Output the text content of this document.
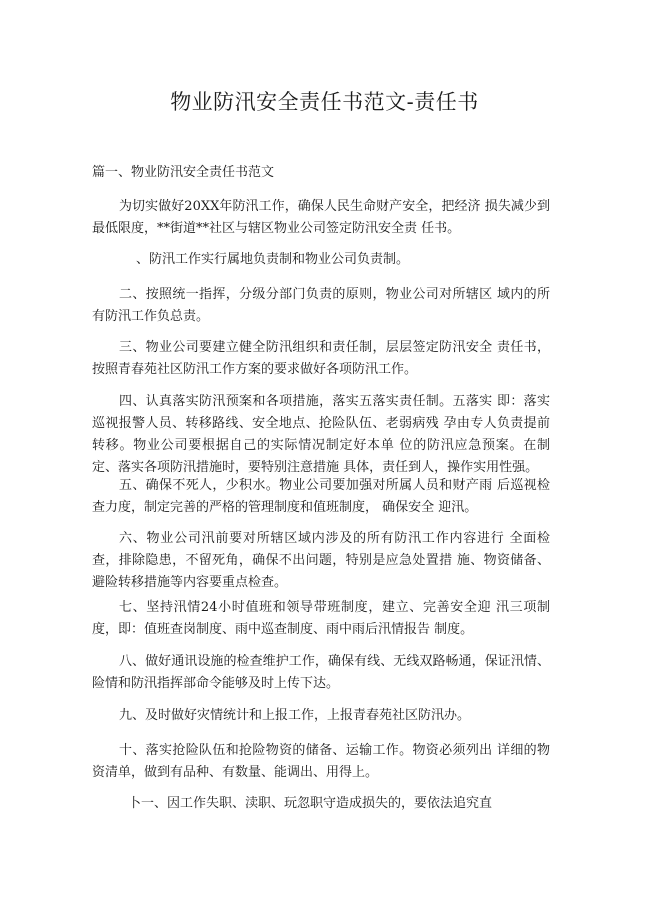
物业防汛安全责任书范文-责任书
篇一、物业防汛安全责任书范文

为切实做好20XX年防汛工作，确保人民生命财产安全，把经济 损失减少到最低限度，**街道**社区与辖区物业公司签定防汛安全责 任书。

、防汛工作实行属地负责制和物业公司负责制。

二、按照统一指挥，分级分部门负责的原则，物业公司对所辖区 域内的所有防汛工作负总责。

三、物业公司要建立健全防汛组织和责任制，层层签定防汛安全 责任书，按照青春苑社区防汛工作方案的要求做好各项防汛工作。

四、认真落实防汛预案和各项措施，落实五落实责任制。五落实 即：落实巡视报警人员、转移路线、安全地点、抢险队伍、老弱病残 孕由专人负责提前转移。物业公司要根据自己的实际情况制定好本单 位的防汛应急预案。在制定、落实各项防汛措施时，要特别注意措施 具体，责任到人，操作实用性强。

五、确保不死人，少积水。物业公司要加强对所属人员和财产雨 后巡视检查力度，制定完善的严格的管理制度和值班制度， 确保安全 迎汛。

六、物业公司汛前要对所辖区域内涉及的所有防汛工作内容进行 全面检查，排除隐患，不留死角，确保不出问题，特别是应急处置措 施、物资储备、避险转移措施等内容要重点检查。

七、坚持汛情24小时值班和领导带班制度，建立、完善安全迎 汛三项制度，即：值班查岗制度、雨中巡查制度、雨中雨后汛情报告 制度。

八、做好通讯设施的检查维护工作，确保有线、无线双路畅通，保证汛情、险情和防汛指挥部命令能够及时上传下达。

九、及时做好灾情统计和上报工作，上报青春苑社区防汛办。

十、落实抢险队伍和抢险物资的储备、运输工作。物资必须列出 详细的物资清单，做到有品种、有数量、能调出、用得上。

卜一、因工作失职、渎职、玩忽职守造成损失的，要依法追究直
